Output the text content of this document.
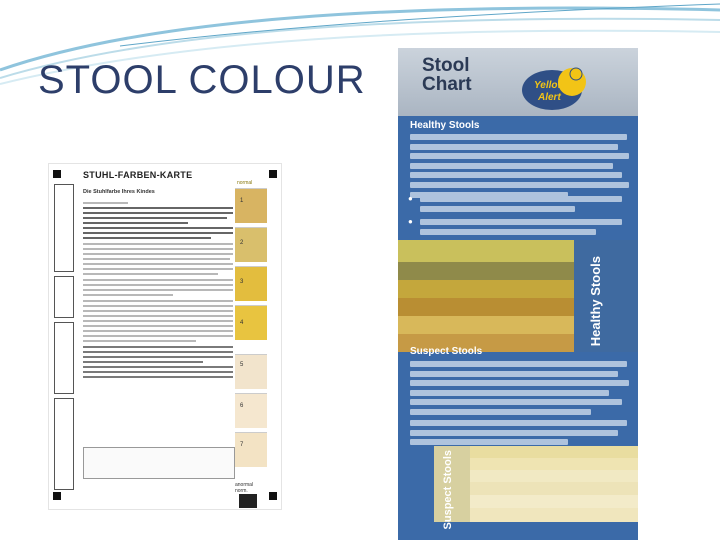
STOOL COLOUR
STUHL-FARBEN-KARTE
Die Stuhlfarbe Ihres Kindes
normal
1
2
3
4
5
6
7
anormal
norm.
Stool
Chart	Yellow
Alert
Healthy Stools
●
●
Healthy Stools
Suspect Stools
Suspect Stools
